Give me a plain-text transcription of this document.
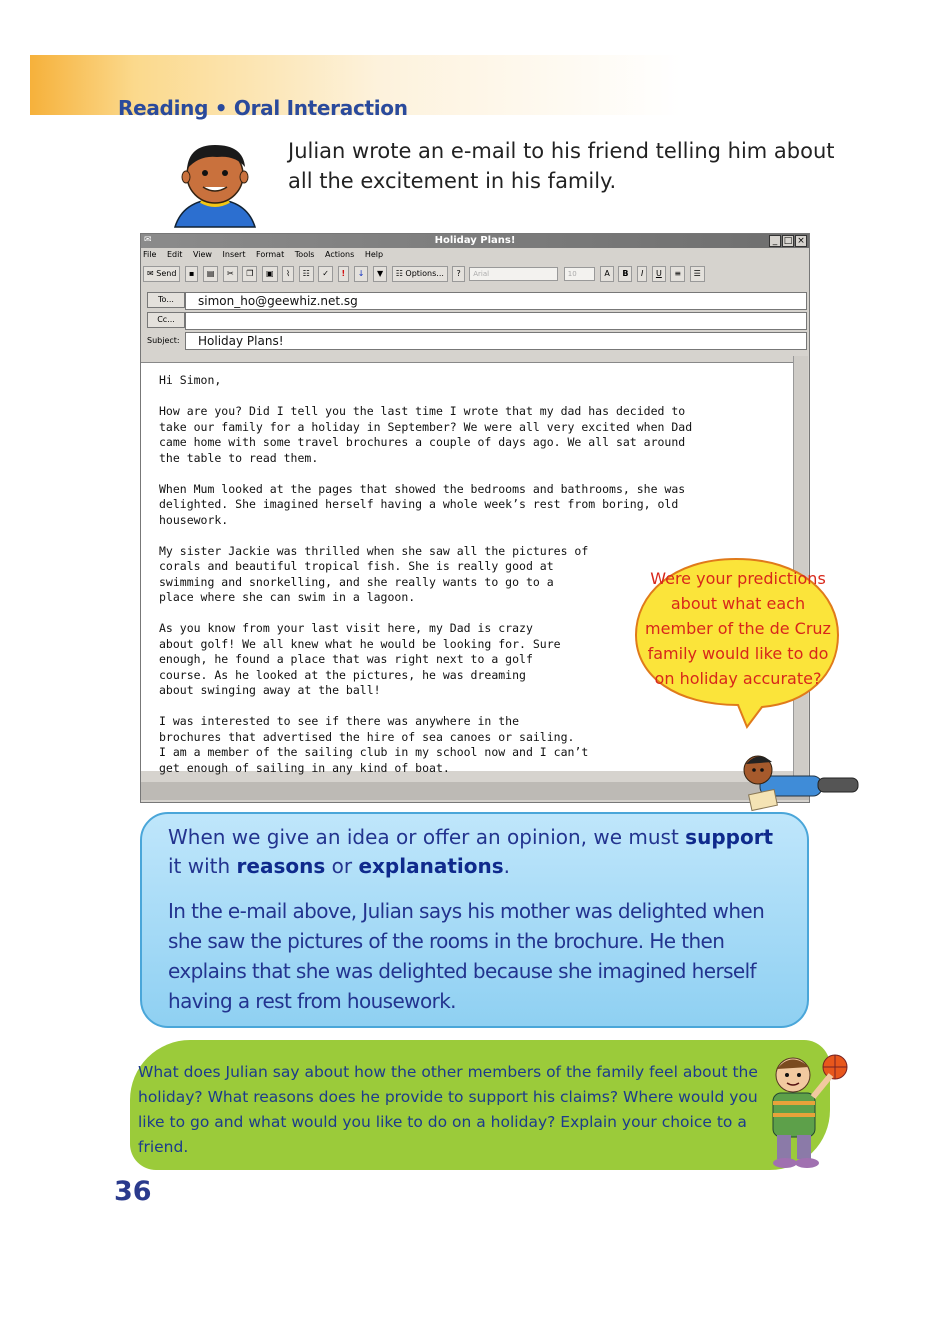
Reading • Oral Interaction
Julian wrote an e-mail to his friend telling him about all the excitement in his family.
Holiday Plans!
✉	_ □ ×
File Edit View Insert Format Tools Actions Help
✉ Send ▪ ▤ ✂ ❐ ▣ ⌇ ☷ ✓ ! ↓ ▼ ☷ Options... ? Arial	10	A B I U ≡ ☰
To...	simon_ho@geewhiz.net.sg
Cc...
Subject:	Holiday Plans!
Hi Simon,

How are you? Did I tell you the last time I wrote that my dad has decided to
take our family for a holiday in September? We were all very excited when Dad
came home with some travel brochures a couple of days ago. We all sat around
the table to read them.

When Mum looked at the pages that showed the bedrooms and bathrooms, she was
delighted. She imagined herself having a whole week’s rest from boring, old
housework.

My sister Jackie was thrilled when she saw all the pictures of
corals and beautiful tropical fish. She is really good at
swimming and snorkelling, and she really wants to go to a
place where she can swim in a lagoon.

As you know from your last visit here, my Dad is crazy
about golf! We all knew what he would be looking for. Sure
enough, he found a place that was right next to a golf
course. As he looked at the pictures, he was dreaming
about swinging away at the ball!

I was interested to see if there was anywhere in the
brochures that advertised the hire of sea canoes or sailing.
I am a member of the sailing club in my school now and I can’t
get enough of sailing in any kind of boat.
Were your predictions about what each member of the de Cruz family would like to do on holiday accurate?
When we give an idea or offer an opinion, we must support it with reasons or explanations.
In the e-mail above, Julian says his mother was delighted when she saw the pictures of the rooms in the brochure. He then explains that she was delighted because she imagined herself having a rest from housework.
What does Julian say about how the other members of the family feel about the holiday? What reasons does he provide to support his claims? Where would you like to go and what would you like to do on a holiday? Explain your choice to a friend.
36
